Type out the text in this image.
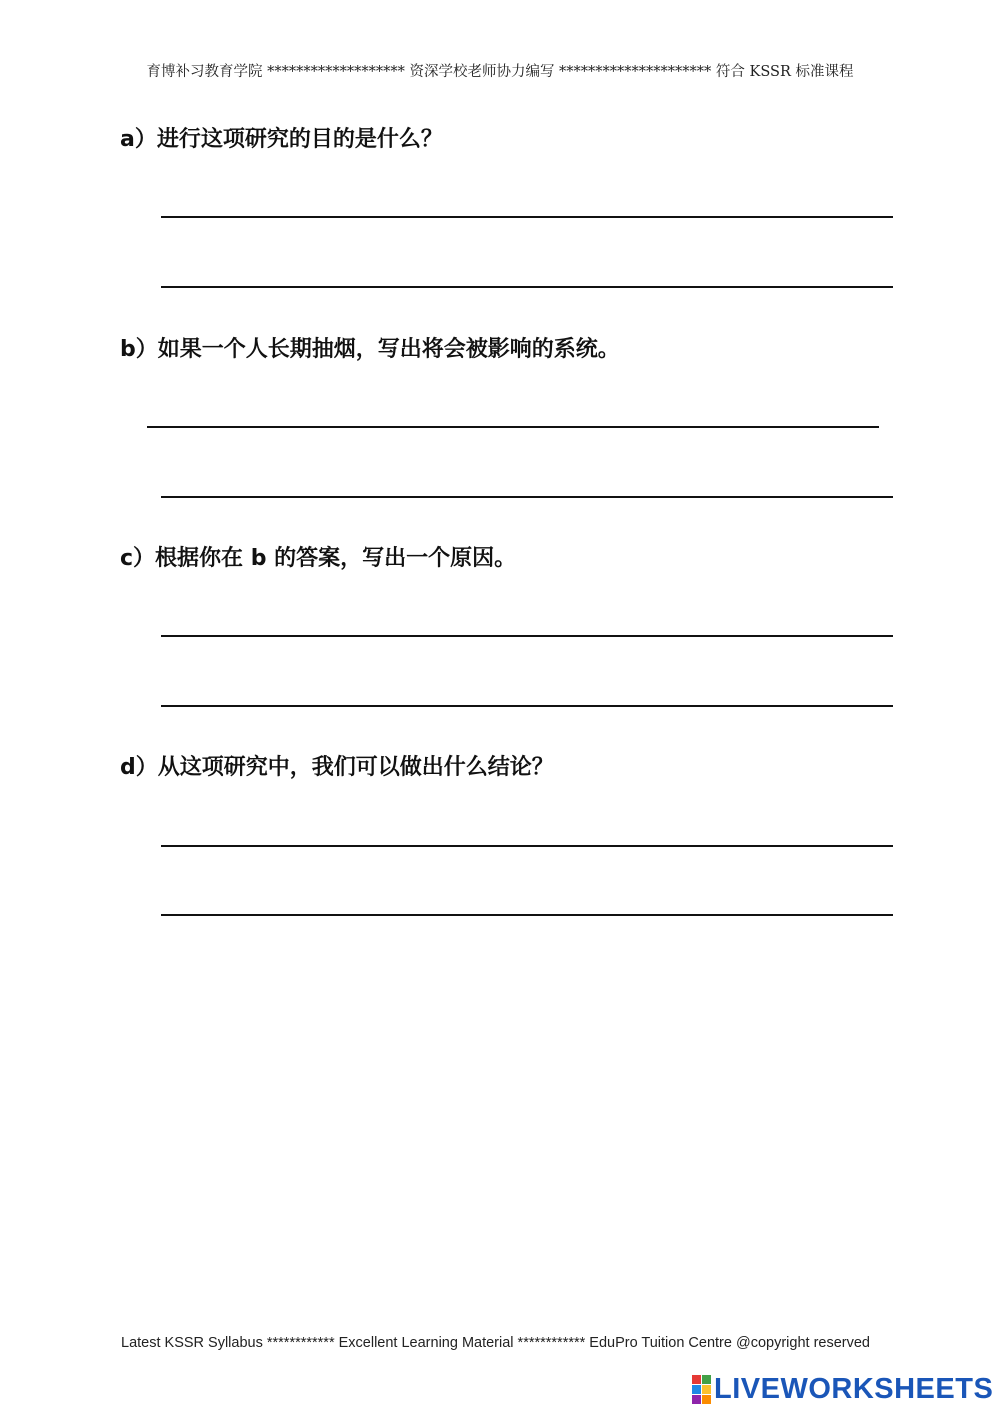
育博补习教育学院 ******************* 资深学校老师协力编写 ********************* 符合 KSSR 标准课程
a）进行这项研究的目的是什么？
b）如果一个人长期抽烟，写出将会被影响的系统。
c）根据你在 b 的答案，写出一个原因。
d）从这项研究中，我们可以做出什么结论？
Latest KSSR Syllabus ************ Excellent Learning Material ************ EduPro Tuition Centre @copyright reserved
LIVEWORKSHEETS
